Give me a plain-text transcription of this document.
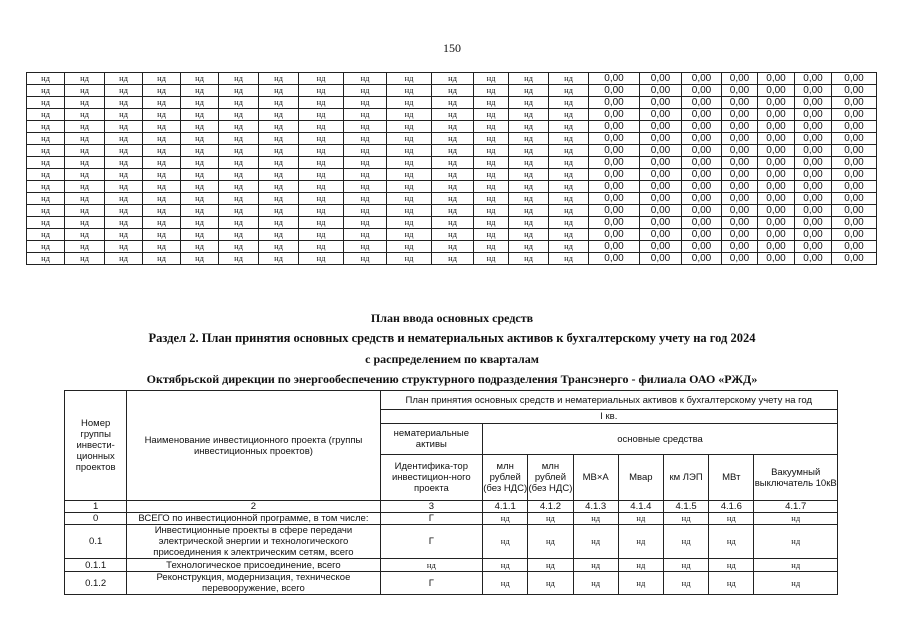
150
нд	нд	нд	нд	нд	нд	нд	нд	нд	нд	нд	нд	нд	нд	0,00	0,00	0,00	0,00	0,00	0,00	0,00
нд	нд	нд	нд	нд	нд	нд	нд	нд	нд	нд	нд	нд	нд	0,00	0,00	0,00	0,00	0,00	0,00	0,00
нд	нд	нд	нд	нд	нд	нд	нд	нд	нд	нд	нд	нд	нд	0,00	0,00	0,00	0,00	0,00	0,00	0,00
нд	нд	нд	нд	нд	нд	нд	нд	нд	нд	нд	нд	нд	нд	0,00	0,00	0,00	0,00	0,00	0,00	0,00
нд	нд	нд	нд	нд	нд	нд	нд	нд	нд	нд	нд	нд	нд	0,00	0,00	0,00	0,00	0,00	0,00	0,00
нд	нд	нд	нд	нд	нд	нд	нд	нд	нд	нд	нд	нд	нд	0,00	0,00	0,00	0,00	0,00	0,00	0,00
нд	нд	нд	нд	нд	нд	нд	нд	нд	нд	нд	нд	нд	нд	0,00	0,00	0,00	0,00	0,00	0,00	0,00
нд	нд	нд	нд	нд	нд	нд	нд	нд	нд	нд	нд	нд	нд	0,00	0,00	0,00	0,00	0,00	0,00	0,00
нд	нд	нд	нд	нд	нд	нд	нд	нд	нд	нд	нд	нд	нд	0,00	0,00	0,00	0,00	0,00	0,00	0,00
нд	нд	нд	нд	нд	нд	нд	нд	нд	нд	нд	нд	нд	нд	0,00	0,00	0,00	0,00	0,00	0,00	0,00
нд	нд	нд	нд	нд	нд	нд	нд	нд	нд	нд	нд	нд	нд	0,00	0,00	0,00	0,00	0,00	0,00	0,00
нд	нд	нд	нд	нд	нд	нд	нд	нд	нд	нд	нд	нд	нд	0,00	0,00	0,00	0,00	0,00	0,00	0,00
нд	нд	нд	нд	нд	нд	нд	нд	нд	нд	нд	нд	нд	нд	0,00	0,00	0,00	0,00	0,00	0,00	0,00
нд	нд	нд	нд	нд	нд	нд	нд	нд	нд	нд	нд	нд	нд	0,00	0,00	0,00	0,00	0,00	0,00	0,00
нд	нд	нд	нд	нд	нд	нд	нд	нд	нд	нд	нд	нд	нд	0,00	0,00	0,00	0,00	0,00	0,00	0,00
нд	нд	нд	нд	нд	нд	нд	нд	нд	нд	нд	нд	нд	нд	0,00	0,00	0,00	0,00	0,00	0,00	0,00
План ввода основных средств
Раздел 2. План принятия основных средств и нематериальных активов к бухгалтерскому учету на год 2024
с распределением по кварталам
Октябрьской дирекции по энергообеспечению структурного подразделения Трансэнерго - филиала ОАО «РЖД»
Номер группы инвести-ционных проектов	Наименование инвестиционного проекта (группы инвестиционных проектов)	План принятия основных средств и нематериальных активов к бухгалтерскому учету на год							
		I кв.							
		нематериальные активы	основные средства						
		Идентифика-тор инвестицион-ного проекта	млн рублей (без НДС)	млн рублей (без НДС)	МВ×А	Мвар	км ЛЭП	МВт	Вакуумный выключатель 10кВ
1	2	3	4.1.1	4.1.2	4.1.3	4.1.4	4.1.5	4.1.6	4.1.7
0	ВСЕГО по инвестиционной программе, в том числе:	Г	нд	нд	нд	нд	нд	нд	нд
0.1	Инвестиционные проекты в сфере передачи электрической энергии и технологического присоединения к электрическим сетям, всего	Г	нд	нд	нд	нд	нд	нд	нд
0.1.1	Технологическое присоединение, всего	нд	нд	нд	нд	нд	нд	нд	нд
0.1.2	Реконструкция, модернизация, техническое перевооружение, всего	Г	нд	нд	нд	нд	нд	нд	нд
